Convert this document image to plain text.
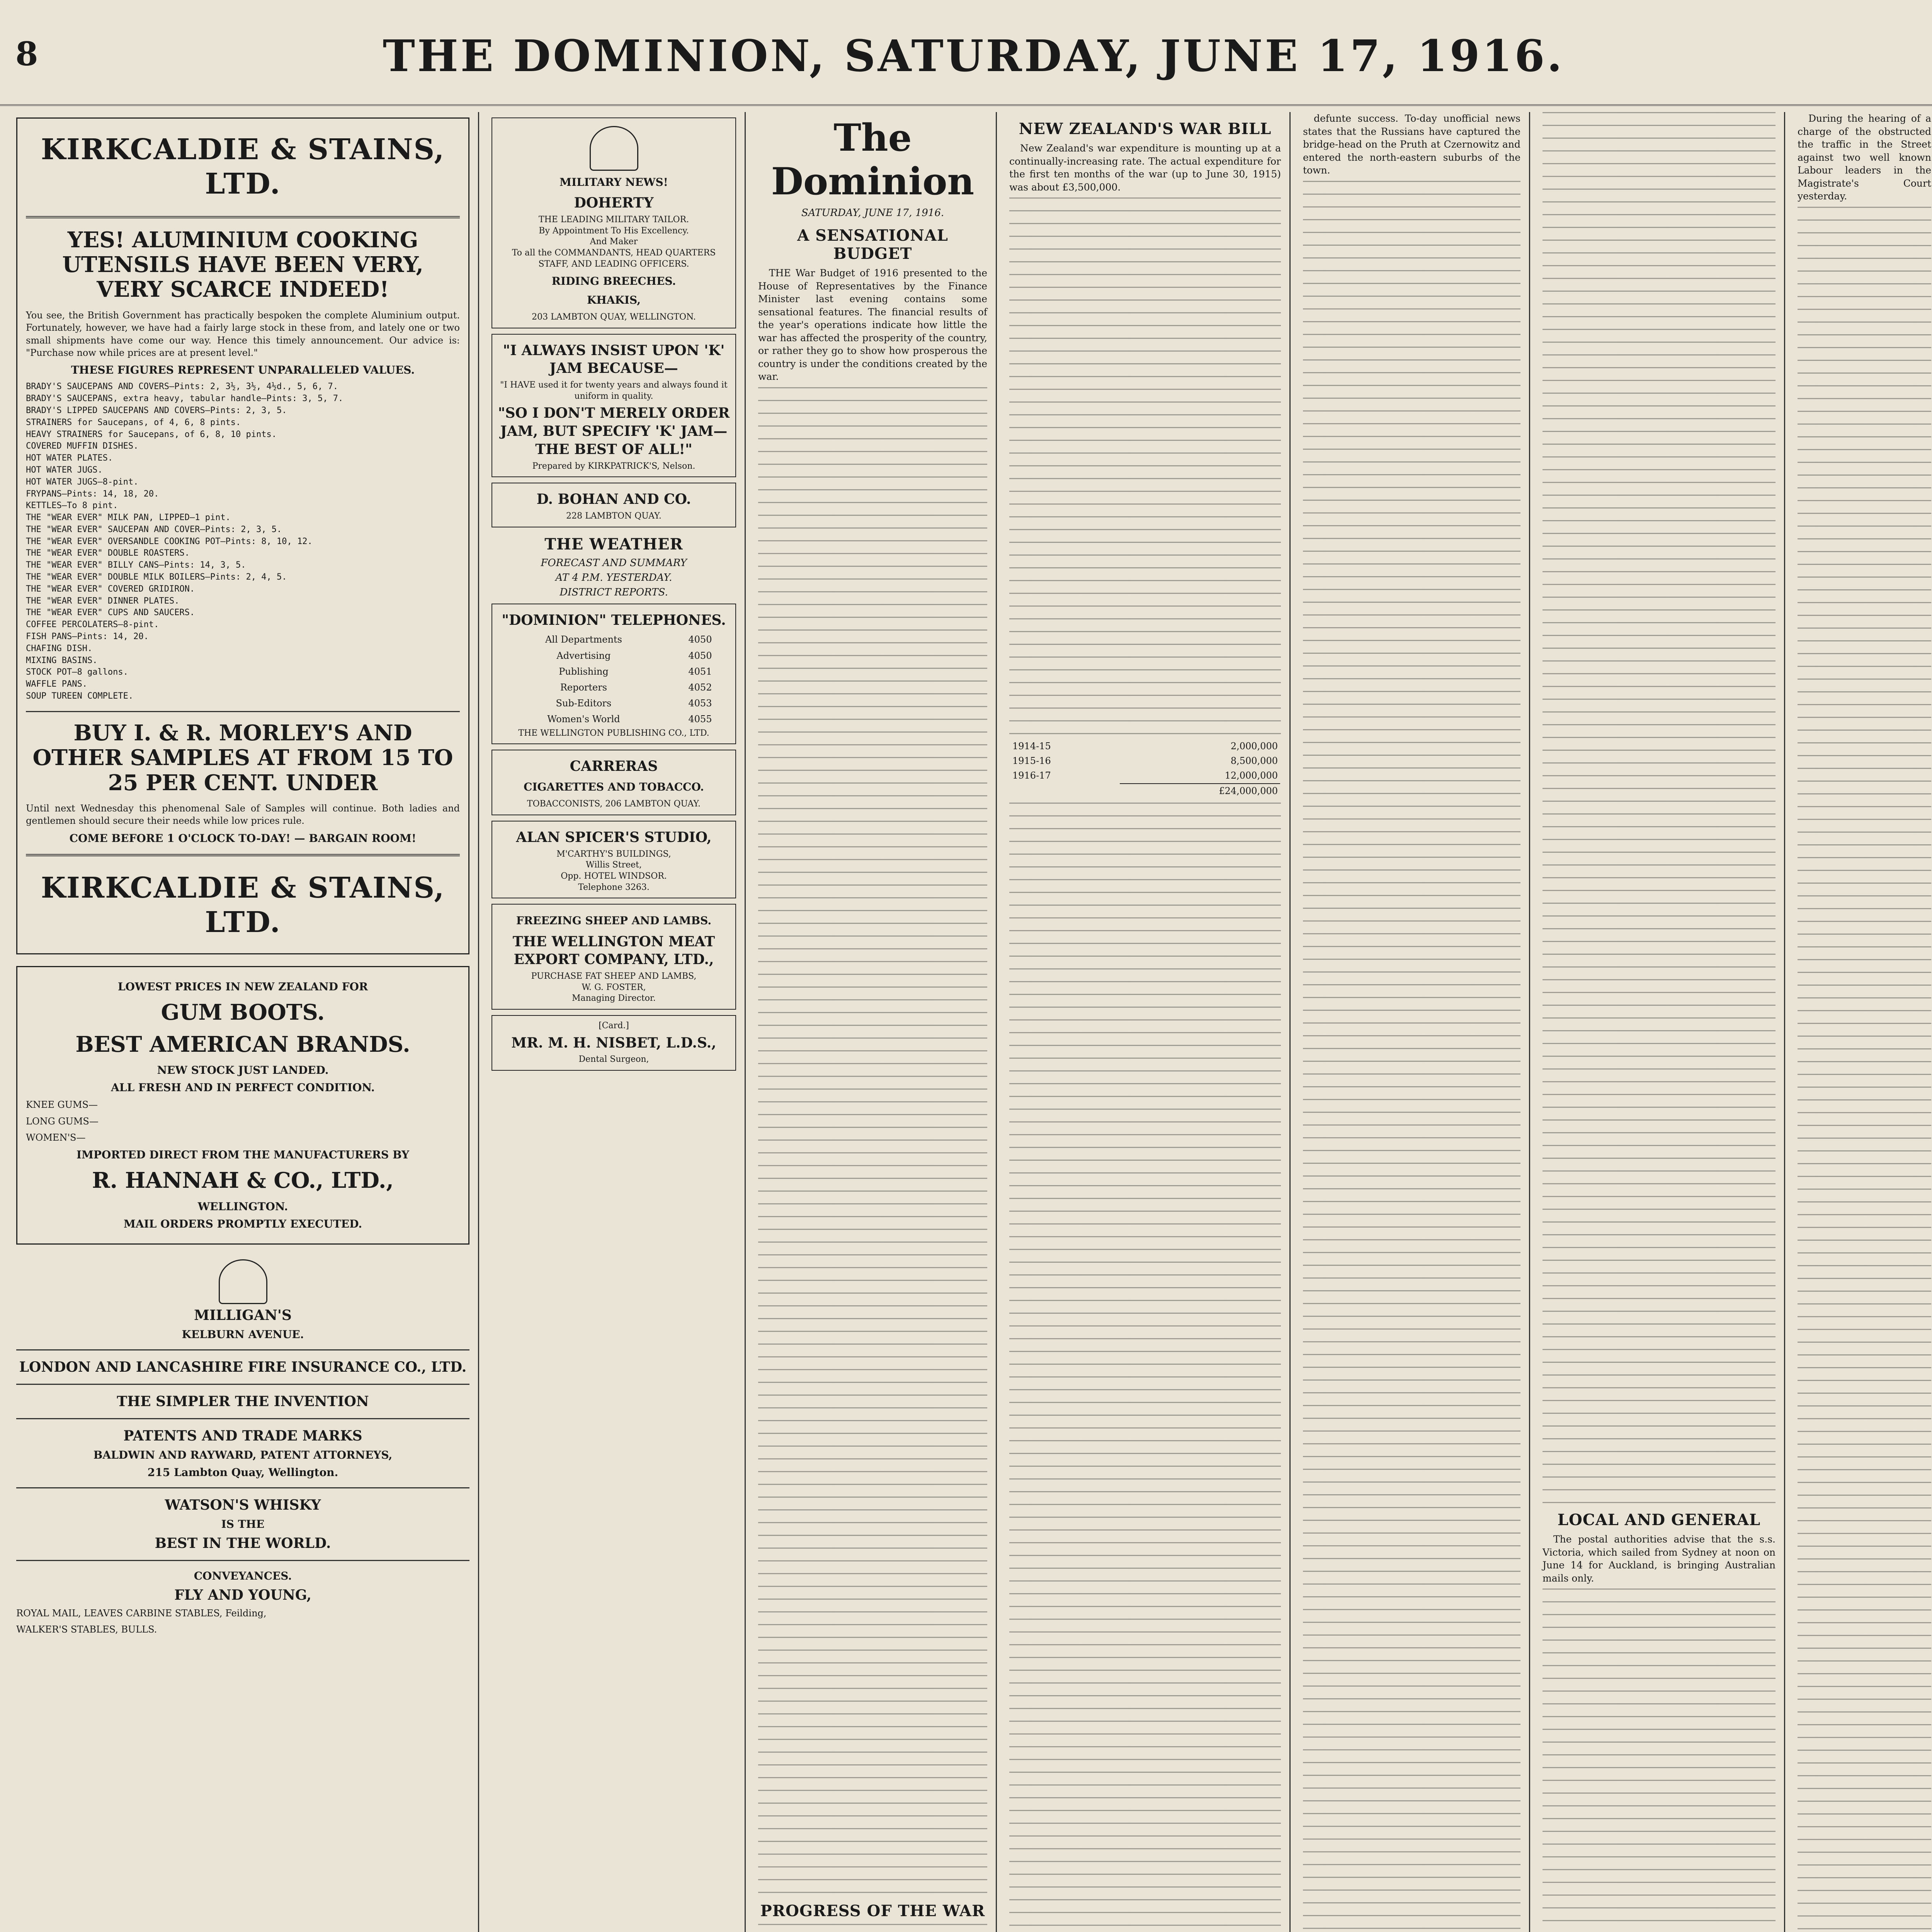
8	THE DOMINION, SATURDAY, JUNE 17, 1916.
KIRKCALDIE & STAINS, LTD.
YES! ALUMINIUM COOKING UTENSILS HAVE BEEN VERY, VERY SCARCE INDEED!
You see, the British Government has practically bespoken the complete Aluminium output. Fortunately, however, we have had a fairly large stock in these from, and lately one or two small shipments have come our way. Hence this timely announcement. Our advice is: "Purchase now while prices are at present level."
THESE FIGURES REPRESENT UNPARALLELED VALUES.
BRADY'S SAUCEPANS AND COVERS—Pints: 2, 3½, 3½, 4½d., 5, 6, 7.
BRADY'S SAUCEPANS, extra heavy, tabular handle—Pints: 3, 5, 7.
BRADY'S LIPPED SAUCEPANS AND COVERS—Pints: 2, 3, 5.
STRAINERS for Saucepans, of 4, 6, 8 pints.
HEAVY STRAINERS for Saucepans, of 6, 8, 10 pints.
COVERED MUFFIN DISHES.
HOT WATER PLATES.
HOT WATER JUGS.
HOT WATER JUGS—8-pint.
FRYPANS—Pints: 14, 18, 20.
KETTLES—To 8 pint.
THE "WEAR EVER" MILK PAN, LIPPED—1 pint.
THE "WEAR EVER" SAUCEPAN AND COVER—Pints: 2, 3, 5.
THE "WEAR EVER" OVERSANDLE COOKING POT—Pints: 8, 10, 12.
THE "WEAR EVER" DOUBLE ROASTERS.
THE "WEAR EVER" BILLY CANS—Pints: 14, 3, 5.
THE "WEAR EVER" DOUBLE MILK BOILERS—Pints: 2, 4, 5.
THE "WEAR EVER" COVERED GRIDIRON.
THE "WEAR EVER" DINNER PLATES.
THE "WEAR EVER" CUPS AND SAUCERS.
COFFEE PERCOLATERS—8-pint.
FISH PANS—Pints: 14, 20.
CHAFING DISH.
MIXING BASINS.
STOCK POT—8 gallons.
WAFFLE PANS.
SOUP TUREEN COMPLETE.
BUY I. & R. MORLEY'S AND OTHER SAMPLES AT FROM 15 TO 25 PER CENT. UNDER
Until next Wednesday this phenomenal Sale of Samples will continue. Both ladies and gentlemen should secure their needs while low prices rule.
COME BEFORE 1 O'CLOCK TO-DAY! — BARGAIN ROOM!
KIRKCALDIE & STAINS, LTD.
LOWEST PRICES IN NEW ZEALAND FOR
GUM BOOTS.
BEST AMERICAN BRANDS.
NEW STOCK JUST LANDED.
ALL FRESH AND IN PERFECT CONDITION.
KNEE GUMS—
LONG GUMS—
WOMEN'S—
IMPORTED DIRECT FROM THE MANUFACTURERS BY
R. HANNAH & CO., LTD.,
WELLINGTON.
MAIL ORDERS PROMPTLY EXECUTED.
MILLIGAN'S
KELBURN AVENUE.
LONDON AND LANCASHIRE FIRE INSURANCE CO., LTD.
THE SIMPLER THE INVENTION
PATENTS AND TRADE MARKS
BALDWIN AND RAYWARD, PATENT ATTORNEYS,
215 Lambton Quay, Wellington.
WATSON'S WHISKY
IS THE
BEST IN THE WORLD.
CONVEYANCES.
FLY AND YOUNG,
ROYAL MAIL, LEAVES CARBINE STABLES, Feilding,
WALKER'S STABLES, BULLS.
MILITARY NEWS!
DOHERTY
THE LEADING MILITARY TAILOR.
By Appointment To His Excellency.
And Maker
To all the COMMANDANTS, HEAD QUARTERS STAFF, AND LEADING OFFICERS.
RIDING BREECHES.
KHAKIS,
203 LAMBTON QUAY, WELLINGTON.
"I ALWAYS INSIST UPON 'K' JAM BECAUSE—
"I HAVE used it for twenty years and always found it uniform in quality.
"SO I DON'T MERELY ORDER JAM, BUT SPECIFY 'K' JAM—THE BEST OF ALL!"
Prepared by KIRKPATRICK'S, Nelson.
D. BOHAN AND CO.
228 LAMBTON QUAY.
THE WEATHER
FORECAST AND SUMMARY
AT 4 P.M. YESTERDAY.
DISTRICT REPORTS.
"DOMINION" TELEPHONES.
All Departments	4050
Advertising	4050
Publishing	4051
Reporters	4052
Sub-Editors	4053
Women's World	4055
THE WELLINGTON PUBLISHING CO., LTD.
CARRERAS
CIGARETTES AND TOBACCO.
TOBACCONISTS, 206 LAMBTON QUAY.
ALAN SPICER'S STUDIO,
M'CARTHY'S BUILDINGS,
Willis Street,
Opp. HOTEL WINDSOR.
Telephone 3263.
FREEZING SHEEP AND LAMBS.
THE WELLINGTON MEAT EXPORT COMPANY, LTD.,
PURCHASE FAT SHEEP AND LAMBS,
W. G. FOSTER,
Managing Director.
[Card.]
MR. M. H. NISBET, L.D.S.,
Dental Surgeon,
The Dominion
SATURDAY, JUNE 17, 1916.
A SENSATIONAL BUDGET

THE War Budget of 1916 presented to the House of Representatives by the Finance Minister last evening contains some sensational features. The financial results of the year's operations indicate how little the war has affected the prosperity of the country, or rather they go to show how prosperous the country is under the conditions created by the war.

PROGRESS OF THE WAR
NEW ZEALAND'S WAR BILL

New Zealand's war expenditure is mounting up at a continually-increasing rate. The actual expenditure for the first ten months of the war (up to June 30, 1915) was about £3,500,000.

1914-15	2,000,000
1915-16	8,500,000
1916-17	12,000,000
	£24,000,000

defunte success. To-day unofficial news states that the Russians have captured the bridge-head on the Pruth at Czernowitz and entered the north-eastern suburbs of the town.

LOCAL AND GENERAL

The postal authorities advise that the s.s. Victoria, which sailed from Sydney at noon on June 14 for Auckland, is bringing Australian mails only.

During the hearing of a charge of the obstructed the traffic in the Street against two well known Labour leaders in the Magistrate's Court yesterday.
